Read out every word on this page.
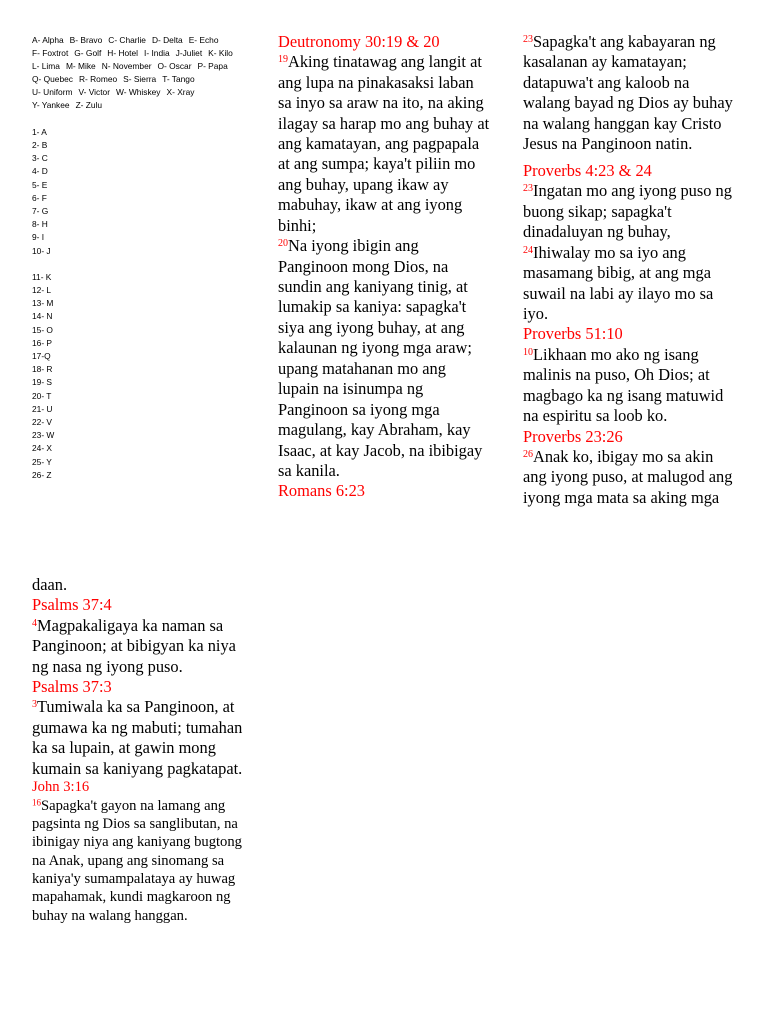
A- Alpha B- Bravo C- Charlie D- Delta E- Echo
F- Foxtrot G- Golf H- Hotel I- India J-Juliet K- Kilo
L- Lima M- Mike N- November O- Oscar P- Papa
Q- Quebec R- Romeo S- Sierra T- Tango
U- Uniform V- Victor W- Whiskey X- Xray
Y- Yankee Z- Zulu
1- A
2- B
3- C
4- D
5- E
6- F
7- G
8- H
9- I
10- J
11- K
12- L
13- M
14- N
15- O
16- P
17-Q
18- R
19- S
20- T
21- U
22- V
23- W
24- X
25- Y
26- Z
Deutronomy 30:19 & 20
$^{19}$Aking tinatawag ang langit at
ang lupa na pinakasaksi laban
sa inyo sa araw na ito, na aking
ilagay sa harap mo ang buhay at
ang kamatayan, ang pagpapala
at ang sumpa; kaya't piliin mo
ang buhay, upang ikaw ay
mabuhay, ikaw at ang iyong
binhi;
$^{20}$Na iyong ibigin ang
Panginoon mong Dios, na
sundin ang kaniyang tinig, at
lumakip sa kaniya: sapagka't
siya ang iyong buhay, at ang
kalaunan ng iyong mga araw;
upang matahanan mo ang
lupain na isinumpa ng
Panginoon sa iyong mga
magulang, kay Abraham, kay
Isaac, at kay Jacob, na ibibigay
sa kanila.
Romans 6:23
$^{23}$Sapagka't ang kabayaran ng
kasalanan ay kamatayan;
datapuwa't ang kaloob na
walang bayad ng Dios ay buhay
na walang hanggan kay Cristo
Jesus na Panginoon natin.
Proverbs 4:23 & 24
$^{23}$Ingatan mo ang iyong puso ng
buong sikap; sapagka't
dinadaluyan ng buhay,
$^{24}$Ihiwalay mo sa iyo ang
masamang bibig, at ang mga
suwail na labi ay ilayo mo sa
iyo.
Proverbs 51:10
$^{10}$Likhaan mo ako ng isang
malinis na puso, Oh Dios; at
magbago ka ng isang matuwid
na espiritu sa loob ko.
Proverbs 23:26
$^{26}$Anak ko, ibigay mo sa akin
ang iyong puso, at malugod ang
iyong mga mata sa aking mga
daan.
Psalms 37:4
$^4$Magpakaligaya ka naman sa
Panginoon; at bibigyan ka niya
ng nasa ng iyong puso.
Psalms 37:3
$^3$Tumiwala ka sa Panginoon, at
gumawa ka ng mabuti; tumahan
ka sa lupain, at gawin mong
kumain sa kaniyang pagkatapat.
John 3:16
$^{16}$Sapagka't gayon na lamang ang
pagsinta ng Dios sa sanglibutan, na
ibinigay niya ang kaniyang bugtong
na Anak, upang ang sinomang sa
kaniya'y sumampalataya ay huwag
mapahamak, kundi magkaroon ng
buhay na walang hanggan.
